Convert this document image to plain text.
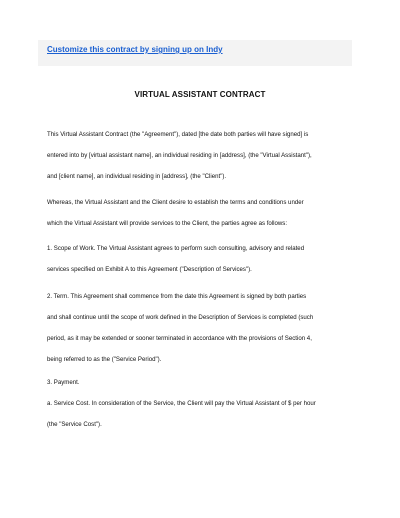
Customize this contract by signing up on Indy
VIRTUAL ASSISTANT CONTRACT
This Virtual Assistant Contract (the "Agreement"), dated [the date both parties will have signed] is
entered into by [virtual assistant name], an individual residing in [address], (the "Virtual Assistant"),
and [client name], an individual residing in [address], (the "Client").
Whereas, the Virtual Assistant and the Client desire to establish the terms and conditions under
which the Virtual Assistant will provide services to the Client, the parties agree as follows:
1. Scope of Work. The Virtual Assistant agrees to perform such consulting, advisory and related
services specified on Exhibit A to this Agreement ("Description of Services").
2. Term. This Agreement shall commence from the date this Agreement is signed by both parties
and shall continue until the scope of work defined in the Description of Services is completed (such
period, as it may be extended or sooner terminated in accordance with the provisions of Section 4,
being referred to as the ("Service Period").
3. Payment.
a. Service Cost. In consideration of the Service, the Client will pay the Virtual Assistant of $ per hour
(the "Service Cost").
